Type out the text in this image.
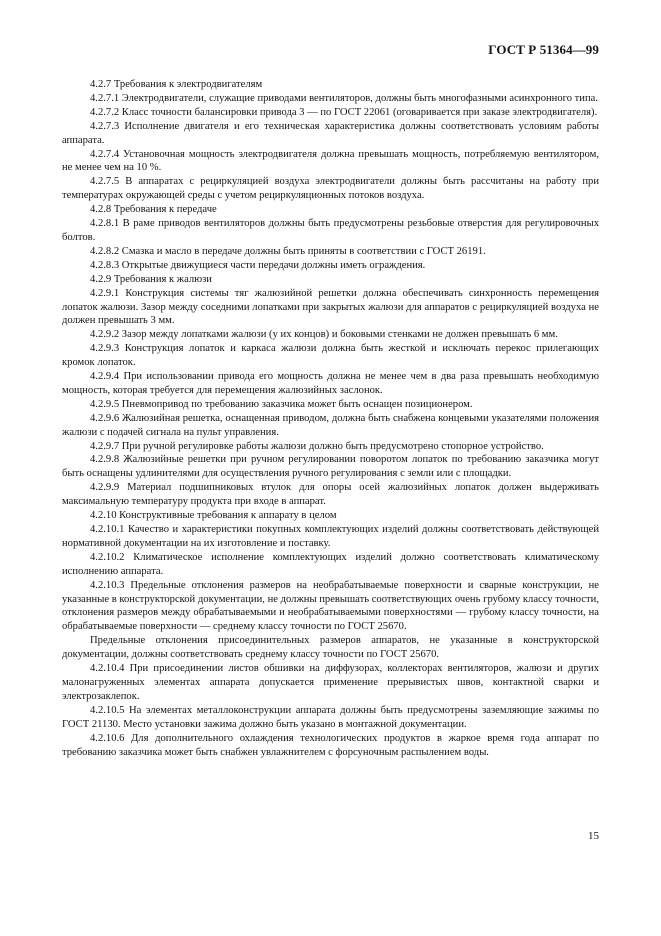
ГОСТ Р 51364—99

4.2.7 Требования к электродвигателям

4.2.7.1 Электродвигатели, служащие приводами вентиляторов, должны быть многофазными асинхронного типа.

4.2.7.2 Класс точности балансировки привода 3 — по ГОСТ 22061 (оговаривается при заказе электродвигателя).

4.2.7.3 Исполнение двигателя и его техническая характеристика должны соответствовать условиям работы аппарата.

4.2.7.4 Установочная мощность электродвигателя должна превышать мощность, потребляемую вентилятором, не менее чем на 10 %.

4.2.7.5 В аппаратах с рециркуляцией воздуха электродвигатели должны быть рассчитаны на работу при температурах окружающей среды с учетом рециркуляционных потоков воздуха.

4.2.8 Требования к передаче

4.2.8.1 В раме приводов вентиляторов должны быть предусмотрены резьбовые отверстия для регулировочных болтов.

4.2.8.2 Смазка и масло в передаче должны быть приняты в соответствии с ГОСТ 26191.

4.2.8.3 Открытые движущиеся части передачи должны иметь ограждения.

4.2.9 Требования к жалюзи

4.2.9.1 Конструкция системы тяг жалюзийной решетки должна обеспечивать синхронность перемещения лопаток жалюзи. Зазор между соседними лопатками при закрытых жалюзи для аппаратов с рециркуляцией воздуха не должен превышать 3 мм.

4.2.9.2 Зазор между лопатками жалюзи (у их концов) и боковыми стенками не должен превышать 6 мм.

4.2.9.3 Конструкция лопаток и каркаса жалюзи должна быть жесткой и исключать перекос прилегающих кромок лопаток.

4.2.9.4 При использовании привода его мощность должна не менее чем в два раза превышать необходимую мощность, которая требуется для перемещения жалюзийных заслонок.

4.2.9.5 Пневмопривод по требованию заказчика может быть оснащен позиционером.

4.2.9.6 Жалюзийная решетка, оснащенная приводом, должна быть снабжена концевыми указателями положения жалюзи с подачей сигнала на пульт управления.

4.2.9.7 При ручной регулировке работы жалюзи должно быть предусмотрено стопорное устройство.

4.2.9.8 Жалюзийные решетки при ручном регулировании поворотом лопаток по требованию заказчика могут быть оснащены удлинителями для осуществления ручного регулирования с земли или с площадки.

4.2.9.9 Материал подшипниковых втулок для опоры осей жалюзийных лопаток должен выдерживать максимальную температуру продукта при входе в аппарат.

4.2.10 Конструктивные требования к аппарату в целом

4.2.10.1 Качество и характеристики покупных комплектующих изделий должны соответствовать действующей нормативной документации на их изготовление и поставку.

4.2.10.2 Климатическое исполнение комплектующих изделий должно соответствовать климатическому исполнению аппарата.

4.2.10.3 Предельные отклонения размеров на необрабатываемые поверхности и сварные конструкции, не указанные в конструкторской документации, не должны превышать соответствующих очень грубому классу точности, отклонения размеров между обрабатываемыми и необрабатываемыми поверхностями — грубому классу точности, на обрабатываемые поверхности — среднему классу точности по ГОСТ 25670.

Предельные отклонения присоединительных размеров аппаратов, не указанные в конструкторской документации, должны соответствовать среднему классу точности по ГОСТ 25670.

4.2.10.4 При присоединении листов обшивки на диффузорах, коллекторах вентиляторов, жалюзи и других малонагруженных элементах аппарата допускается применение прерывистых швов, контактной сварки и электрозаклепок.

4.2.10.5 На элементах металлоконструкции аппарата должны быть предусмотрены заземляющие зажимы по ГОСТ 21130. Место установки зажима должно быть указано в монтажной документации.

4.2.10.6 Для дополнительного охлаждения технологических продуктов в жаркое время года аппарат по требованию заказчика может быть снабжен увлажнителем с форсуночным распылением воды.

15
